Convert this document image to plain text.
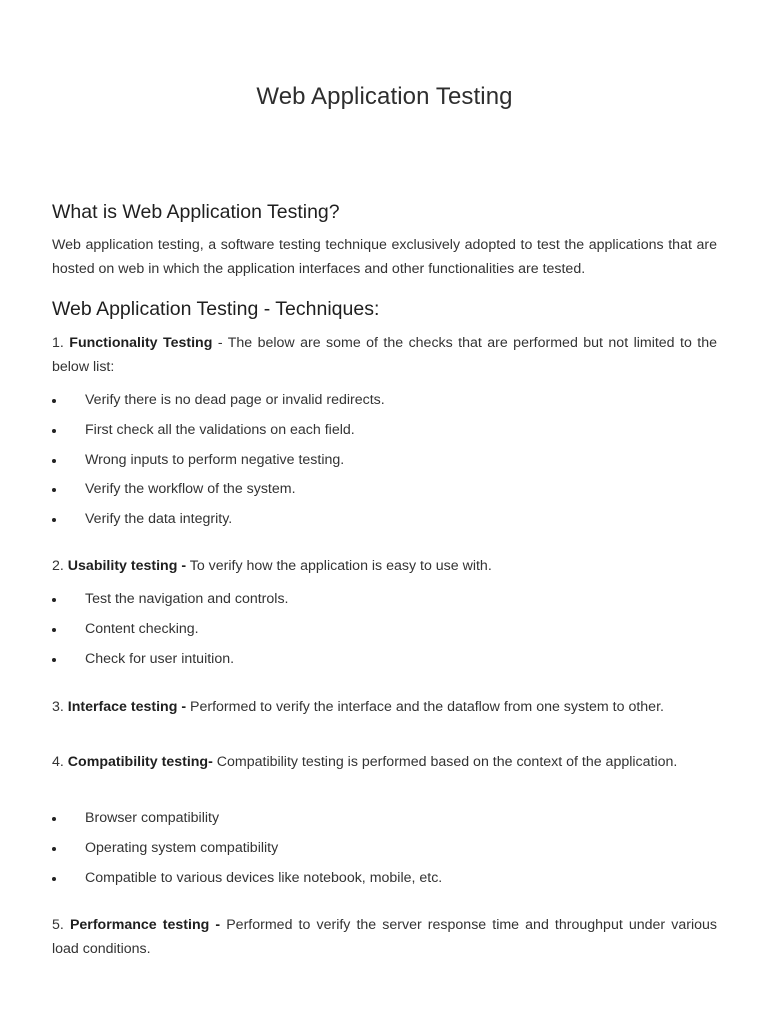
Web Application Testing
What is Web Application Testing?

Web application testing, a software testing technique exclusively adopted to test the applications that are hosted on web in which the application interfaces and other functionalities are tested.

Web Application Testing - Techniques:

1. Functionality Testing - The below are some of the checks that are performed but not limited to the below list:

Verify there is no dead page or invalid redirects.
First check all the validations on each field.
Wrong inputs to perform negative testing.
Verify the workflow of the system.
Verify the data integrity.

2. Usability testing - To verify how the application is easy to use with.

Test the navigation and controls.
Content checking.
Check for user intuition.

3. Interface testing - Performed to verify the interface and the dataflow from one system to other.

4. Compatibility testing- Compatibility testing is performed based on the context of the application.

Browser compatibility
Operating system compatibility
Compatible to various devices like notebook, mobile, etc.

5. Performance testing - Performed to verify the server response time and throughput under various load conditions.
